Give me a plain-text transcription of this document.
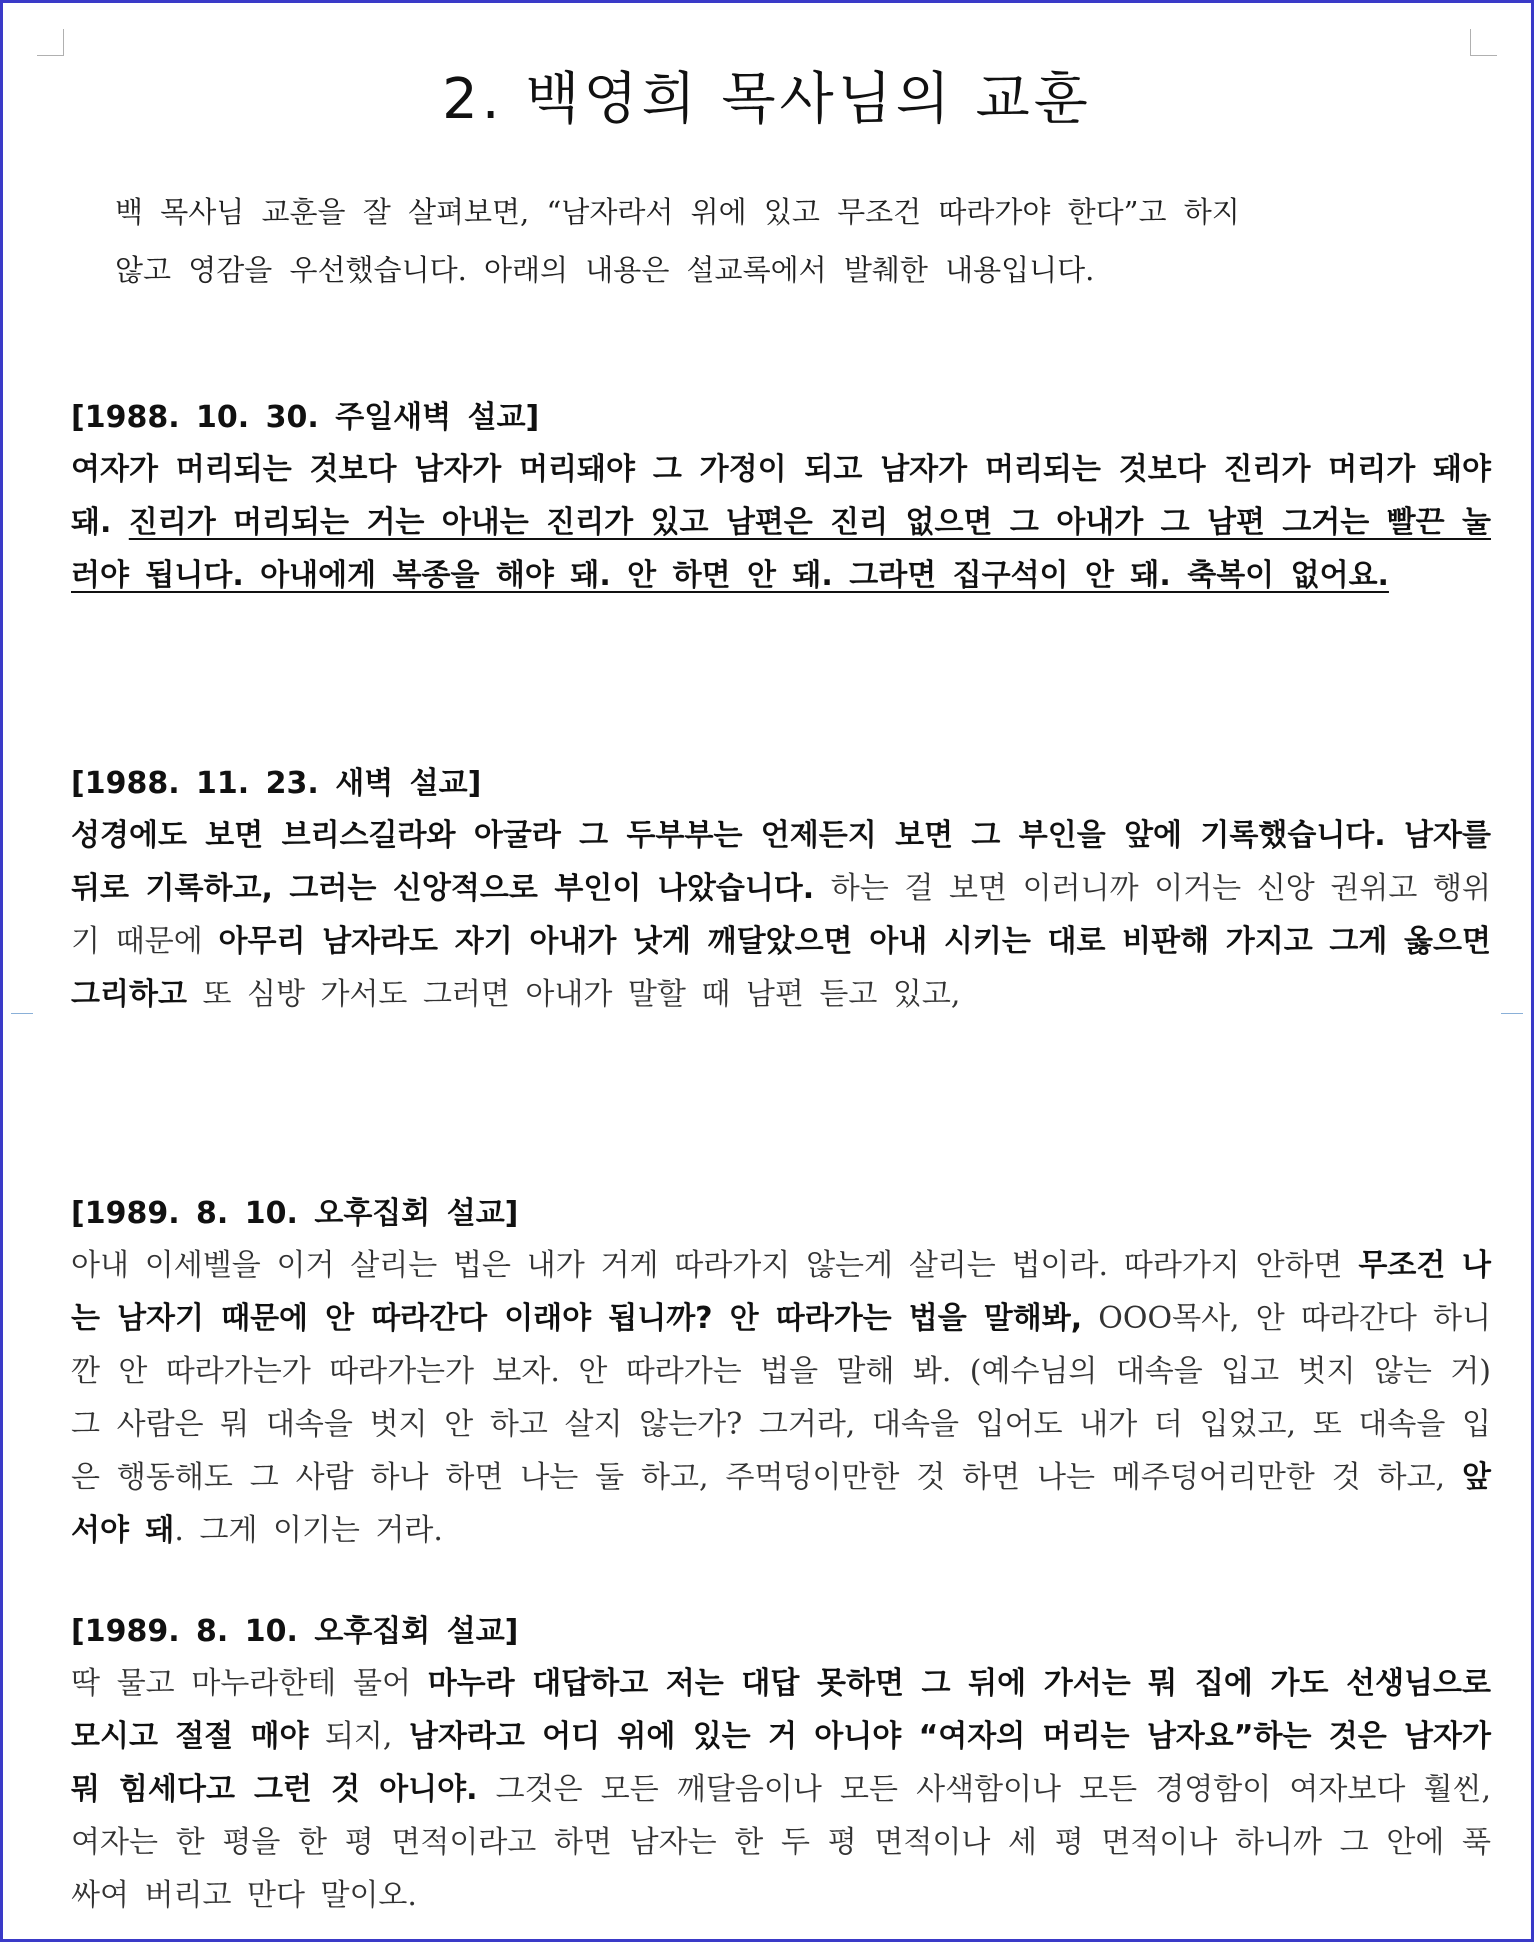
2. 백영희 목사님의 교훈
백 목사님 교훈을 잘 살펴보면, “남자라서 위에 있고 무조건 따라가야 한다”고 하지
않고 영감을 우선했습니다. 아래의 내용은 설교록에서 발췌한 내용입니다.
[1988. 10. 30. 주일새벽 설교]
여자가 머리되는 것보다 남자가 머리돼야 그 가정이 되고 남자가 머리되는 것보다 진리가 머리가 돼야 돼. 진리가 머리되는 거는 아내는 진리가 있고 남편은 진리 없으면 그 아내가 그 남편 그거는 빨끈 눌러야 됩니다. 아내에게 복종을 해야 돼. 안 하면 안 돼. 그라면 집구석이 안 돼. 축복이 없어요.
[1988. 11. 23. 새벽 설교]
성경에도 보면 브리스길라와 아굴라 그 두부부는 언제든지 보면 그 부인을 앞에 기록했습니다. 남자를 뒤로 기록하고, 그러는 신앙적으로 부인이 나았습니다. 하는 걸 보면 이러니까 이거는 신앙 권위고 행위기 때문에 아무리 남자라도 자기 아내가 낫게 깨달았으면 아내 시키는 대로 비판해 가지고 그게 옳으면 그리하고 또 심방 가서도 그러면 아내가 말할 때 남편 듣고 있고,
[1989. 8. 10. 오후집회 설교]
아내 이세벨을 이거 살리는 법은 내가 거게 따라가지 않는게 살리는 법이라. 따라가지 안하면 무조건 나는 남자기 때문에 안 따라간다 이래야 됩니까? 안 따라가는 법을 말해봐, OOO목사, 안 따라간다 하니깐 안 따라가는가 따라가는가 보자. 안 따라가는 법을 말해 봐. (예수님의 대속을 입고 벗지 않는 거) 그 사람은 뭐 대속을 벗지 안 하고 살지 않는가? 그거라, 대속을 입어도 내가 더 입었고, 또 대속을 입은 행동해도 그 사람 하나 하면 나는 둘 하고, 주먹덩이만한 것 하면 나는 메주덩어리만한 것 하고, 앞서야 돼. 그게 이기는 거라.
[1989. 8. 10. 오후집회 설교]
딱 물고 마누라한테 물어 마누라 대답하고 저는 대답 못하면 그 뒤에 가서는 뭐 집에 가도 선생님으로 모시고 절절 매야 되지, 남자라고 어디 위에 있는 거 아니야 “여자의 머리는 남자요”하는 것은 남자가 뭐 힘세다고 그런 것 아니야. 그것은 모든 깨달음이나 모든 사색함이나 모든 경영함이 여자보다 훨씬, 여자는 한 평을 한 평 면적이라고 하면 남자는 한 두 평 면적이나 세 평 면적이나 하니까 그 안에 푹 싸여 버리고 만다 말이오.
